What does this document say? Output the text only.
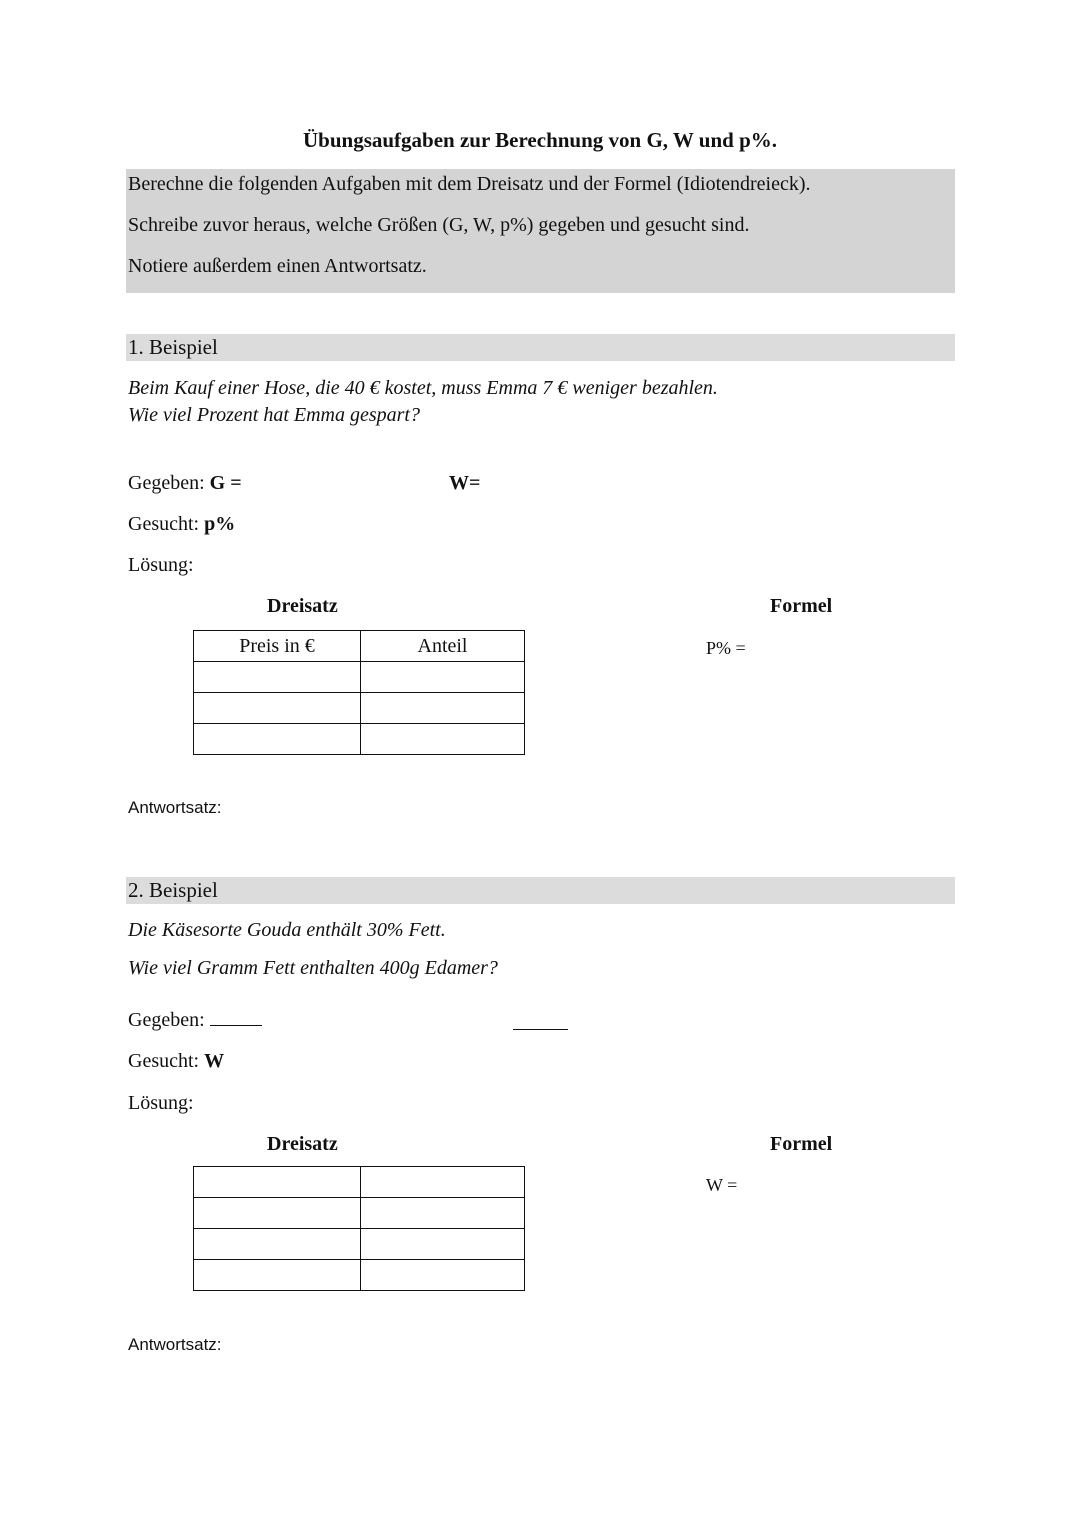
Übungsaufgaben zur Berechnung von G, W und p%.
Berechne die folgenden Aufgaben mit dem Dreisatz und der Formel (Idiotendreieck).
Schreibe zuvor heraus, welche Größen (G, W, p%) gegeben und gesucht sind.
Notiere außerdem einen Antwortsatz.
1. Beispiel
Beim Kauf einer Hose, die 40 € kostet, muss Emma 7 € weniger bezahlen.
Wie viel Prozent hat Emma gespart?
Gegeben: G =	W=
Gesucht: p%
Lösung:
Dreisatz	Formel
Preis in €	Anteil

		P% =
Antwortsatz:
2. Beispiel
Die Käsesorte Gouda enthält 30% Fett.
Wie viel Gramm Fett enthalten 400g Edamer?
Gegeben:
Gesucht: W
Lösung:
Dreisatz	Formel

W =
Antwortsatz:
